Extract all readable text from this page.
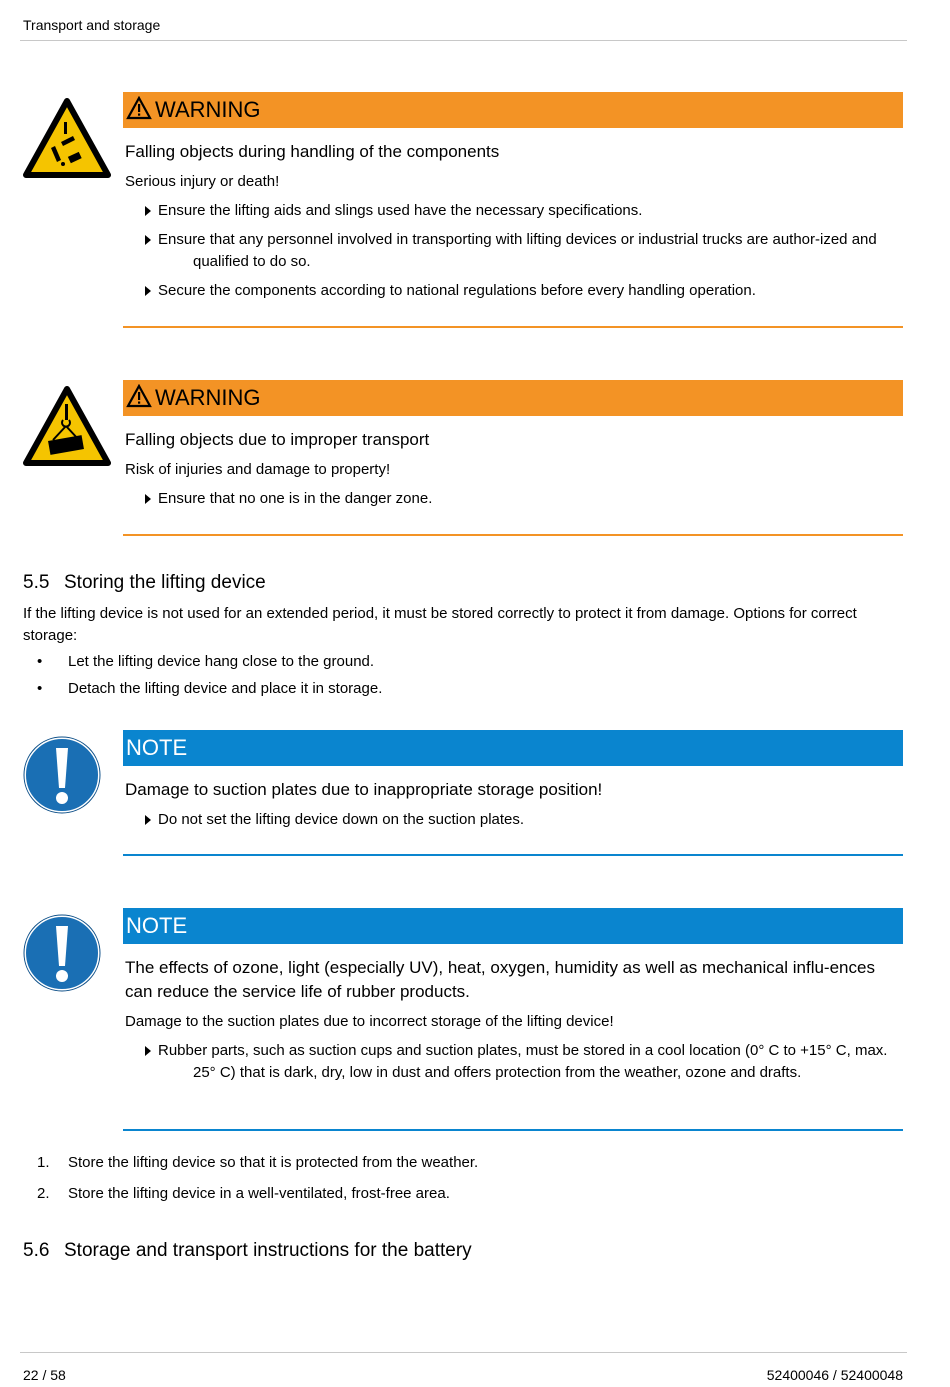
Transport and storage
WARNING
Falling objects during handling of the components
Serious injury or death!
Ensure the lifting aids and slings used have the necessary specifications.
Ensure that any personnel involved in transporting with lifting devices or industrial trucks are author-ized and qualified to do so.
Secure the components according to national regulations before every handling operation.
WARNING
Falling objects due to improper transport
Risk of injuries and damage to property!
Ensure that no one is in the danger zone.
5.5 Storing the lifting device
If the lifting device is not used for an extended period, it must be stored correctly to protect it from damage. Options for correct storage:
• Let the lifting device hang close to the ground.
• Detach the lifting device and place it in storage.
NOTE
Damage to suction plates due to inappropriate storage position!
Do not set the lifting device down on the suction plates.
NOTE
The effects of ozone, light (especially UV), heat, oxygen, humidity as well as mechanical influ-ences can reduce the service life of rubber products.
Damage to the suction plates due to incorrect storage of the lifting device!
Rubber parts, such as suction cups and suction plates, must be stored in a cool location (0° C to +15° C, max. 25° C) that is dark, dry, low in dust and offers protection from the weather, ozone and drafts.
1. Store the lifting device so that it is protected from the weather.
2. Store the lifting device in a well-ventilated, frost-free area.
5.6 Storage and transport instructions for the battery
22 / 58	52400046 / 52400048
